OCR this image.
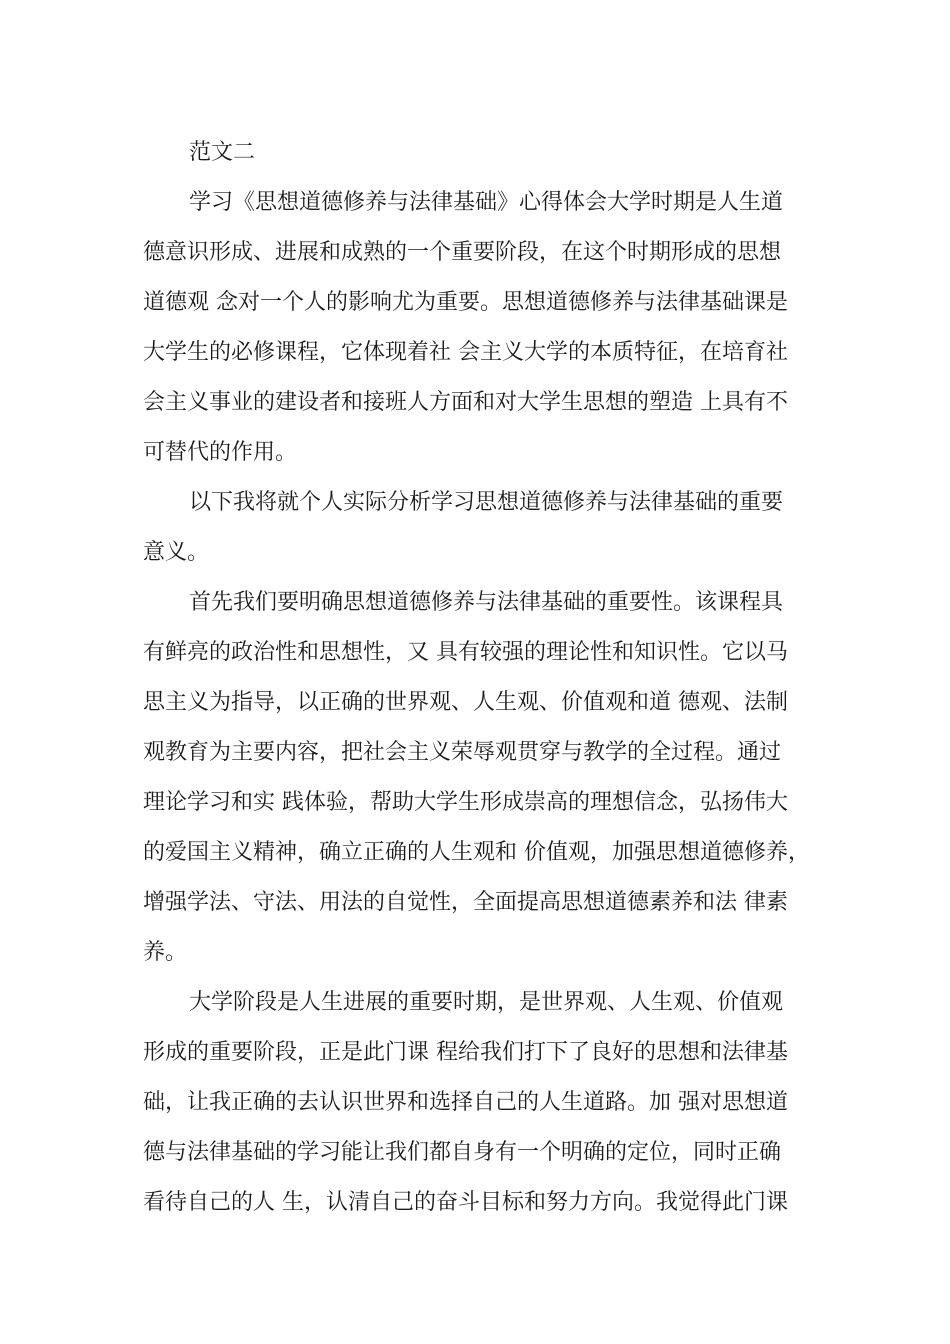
范文二
学习《思想道德修养与法律基础》心得体会大学时期是人生道
德意识形成、进展和成熟的一个重要阶段，在这个时期形成的思想
道德观 念对一个人的影响尤为重要。思想道德修养与法律基础课是
大学生的必修课程，它体现着社 会主义大学的本质特征，在培育社
会主义事业的建设者和接班人方面和对大学生思想的塑造 上具有不
可替代的作用。
以下我将就个人实际分析学习思想道德修养与法律基础的重要
意义。
首先我们要明确思想道德修养与法律基础的重要性。该课程具
有鲜亮的政治性和思想性，又 具有较强的理论性和知识性。它以马
思主义为指导，以正确的世界观、人生观、价值观和道 德观、法制
观教育为主要内容，把社会主义荣辱观贯穿与教学的全过程。通过
理论学习和实 践体验，帮助大学生形成崇高的理想信念，弘扬伟大
的爱国主义精神，确立正确的人生观和 价值观，加强思想道德修养，
增强学法、守法、用法的自觉性，全面提高思想道德素养和法 律素
养。
大学阶段是人生进展的重要时期，是世界观、人生观、价值观
形成的重要阶段，正是此门课 程给我们打下了良好的思想和法律基
础，让我正确的去认识世界和选择自己的人生道路。加 强对思想道
德与法律基础的学习能让我们都自身有一个明确的定位，同时正确
看待自己的人 生，认清自己的奋斗目标和努力方向。我觉得此门课
